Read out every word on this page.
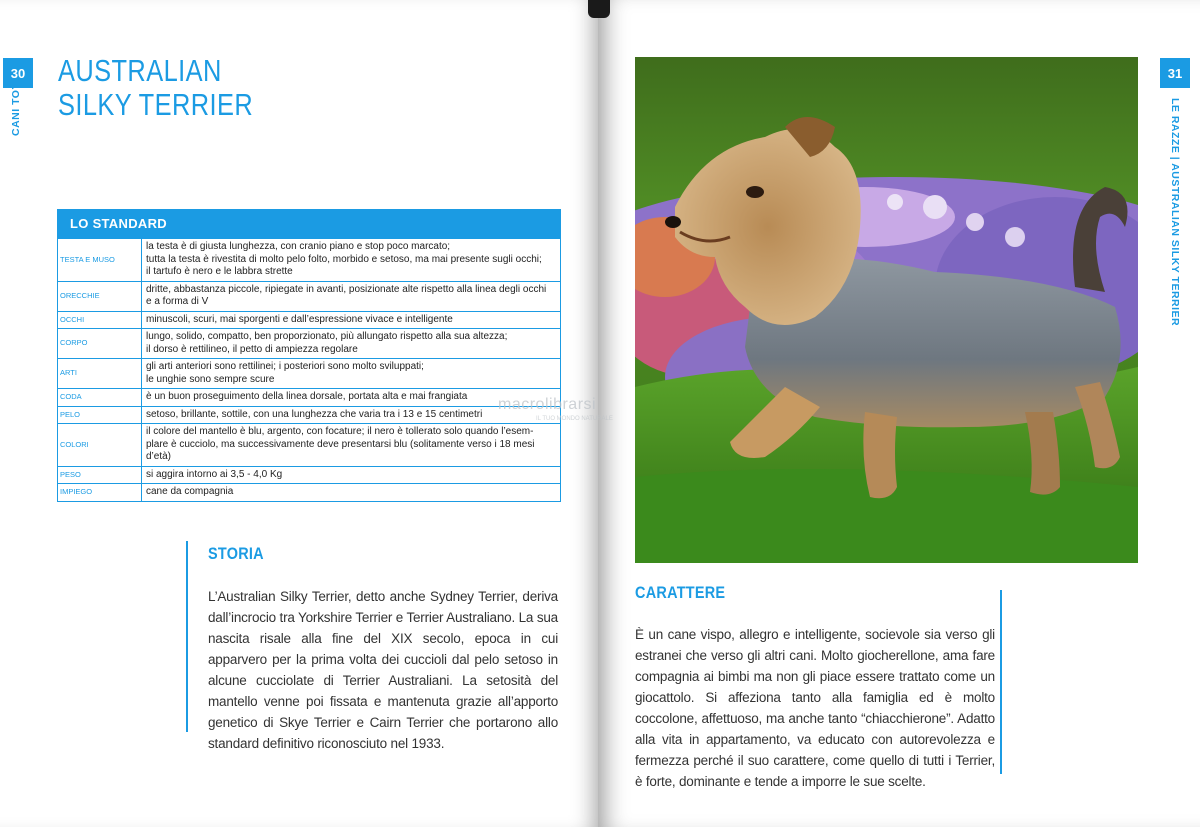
30
CANI TOY
AUSTRALIAN
SILKY TERRIER
LO STANDARD
TESTA E MUSO	la testa è di giusta lunghezza, con cranio piano e stop poco marcato;
tutta la testa è rivestita di molto pelo folto, morbido e setoso, ma mai presente sugli occhi;
il tartufo è nero e le labbra strette

ORECCHIE	dritte, abbastanza piccole, ripiegate in avanti, posizionate alte rispetto alla linea degli occhi
e a forma di V

OCCHI	minuscoli, scuri, mai sporgenti e dall’espressione vivace e intelligente

CORPO	lungo, solido, compatto, ben proporzionato, più allungato rispetto alla sua altezza;
il dorso è rettilineo, il petto di ampiezza regolare

ARTI	gli arti anteriori sono rettilinei; i posteriori sono molto sviluppati;
le unghie sono sempre scure

CODA	è un buon proseguimento della linea dorsale, portata alta e mai frangiata

PELO	setoso, brillante, sottile, con una lunghezza che varia tra i 13 e 15 centimetri

COLORI	il colore del mantello è blu, argento, con focature; il nero è tollerato solo quando l’esem-
plare è cucciolo, ma successivamente deve presentarsi blu (solitamente verso i 18 mesi
d’età)

PESO	si aggira intorno ai 3,5 - 4,0 Kg

IMPIEGO	cane da compagnia
STORIA
L’Australian Silky Terrier, detto anche Sydney Terrier, deriva dall’incrocio tra Yorkshire Terrier e Terrier Australiano. La sua nascita risale alla fine del XIX secolo, epoca in cui apparvero per la prima volta dei cuccioli dal pelo setoso in alcune cucciolate di Terrier Australiani. La setosità del mantello venne poi fissata e mantenuta grazie all’apporto genetico di Skye Terrier e Cairn Terrier che portarono allo standard definitivo riconosciuto nel 1933.
31
LE RAZZE | AUSTRALIAN SILKY TERRIER
CARATTERE
È un cane vispo, allegro e intelligente, socievole sia verso gli estranei che verso gli altri cani. Molto giocherellone, ama fare compagnia ai bimbi ma non gli piace essere trattato come un giocattolo. Si affeziona tanto alla famiglia ed è molto coccolone, affettuoso, ma anche tanto “chiacchierone”. Adatto alla vita in appartamento, va educato con autorevolezza e fermezza perché il suo carattere, come quello di tutti i Terrier, è forte, dominante e tende a imporre le sue scelte.
macrolibrarsi
IL TUO MONDO NATURALE
